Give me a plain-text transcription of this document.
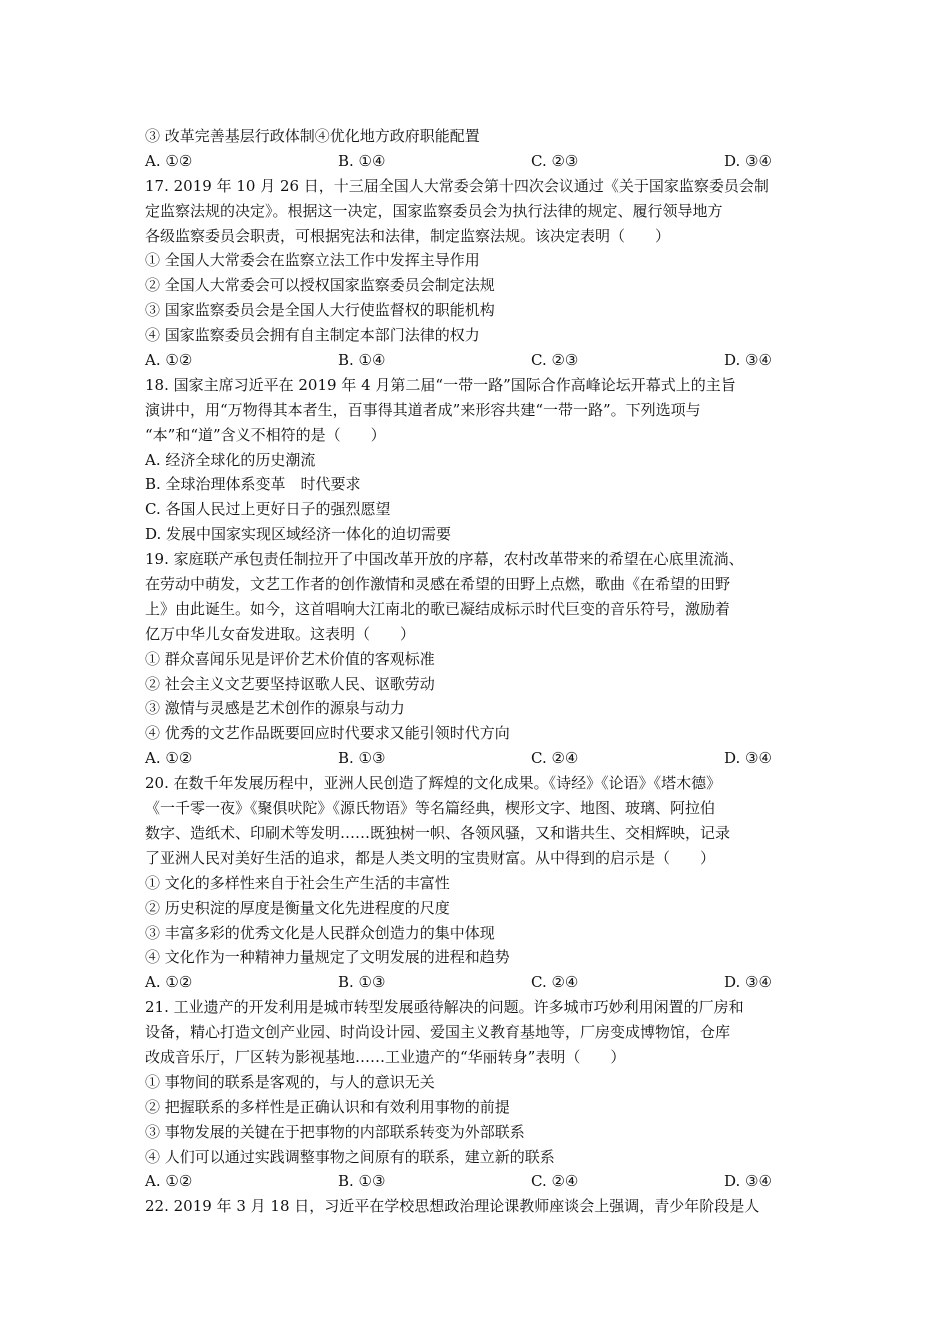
③ 改革完善基层行政体制④优化地方政府职能配置
A. ①②	B. ①④	C. ②③	D. ③④
17. 2019 年 10 月 26 日，十三届全国人大常委会第十四次会议通过《关于国家监察委员会制
定监察法规的决定》。根据这一决定，国家监察委员会为执行法律的规定、履行领导地方
各级监察委员会职责，可根据宪法和法律，制定监察法规。该决定表明（　　）
① 全国人大常委会在监察立法工作中发挥主导作用
② 全国人大常委会可以授权国家监察委员会制定法规
③ 国家监察委员会是全国人大行使监督权的职能机构
④ 国家监察委员会拥有自主制定本部门法律的权力
A. ①②	B. ①④	C. ②③	D. ③④
18. 国家主席习近平在 2019 年 4 月第二届“一带一路”国际合作高峰论坛开幕式上的主旨
演讲中，用“万物得其本者生，百事得其道者成”来形容共建“一带一路”。下列选项与
“本”和“道”含义不相符的是（　　）
A. 经济全球化的历史潮流
B. 全球治理体系变革　时代要求
C. 各国人民过上更好日子的强烈愿望
D. 发展中国家实现区域经济一体化的迫切需要
19. 家庭联产承包责任制拉开了中国改革开放的序幕，农村改革带来的希望在心底里流淌、
在劳动中萌发，文艺工作者的创作激情和灵感在希望的田野上点燃，歌曲《在希望的田野
上》由此诞生。如今，这首唱响大江南北的歌已凝结成标示时代巨变的音乐符号，激励着
亿万中华儿女奋发进取。这表明（　　）
① 群众喜闻乐见是评价艺术价值的客观标准
② 社会主义文艺要坚持讴歌人民、讴歌劳动
③ 激情与灵感是艺术创作的源泉与动力
④ 优秀的文艺作品既要回应时代要求又能引领时代方向
A. ①②	B. ①③	C. ②④	D. ③④
20. 在数千年发展历程中，亚洲人民创造了辉煌的文化成果。《诗经》《论语》《塔木德》
《一千零一夜》《聚俱吠陀》《源氏物语》等名篇经典，楔形文字、地图、玻璃、阿拉伯
数字、造纸术、印刷术等发明……既独树一帜、各领风骚，又和谐共生、交相辉映，记录
了亚洲人民对美好生活的追求，都是人类文明的宝贵财富。从中得到的启示是（　　）
① 文化的多样性来自于社会生产生活的丰富性
② 历史积淀的厚度是衡量文化先进程度的尺度
③ 丰富多彩的优秀文化是人民群众创造力的集中体现
④ 文化作为一种精神力量规定了文明发展的进程和趋势
A. ①②	B. ①③	C. ②④	D. ③④
21. 工业遗产的开发利用是城市转型发展亟待解决的问题。许多城市巧妙利用闲置的厂房和
设备，精心打造文创产业园、时尚设计园、爱国主义教育基地等，厂房变成博物馆，仓库
改成音乐厅，厂区转为影视基地……工业遗产的“华丽转身”表明（　　）
① 事物间的联系是客观的，与人的意识无关
② 把握联系的多样性是正确认识和有效利用事物的前提
③ 事物发展的关键在于把事物的内部联系转变为外部联系
④ 人们可以通过实践调整事物之间原有的联系，建立新的联系
A. ①②	B. ①③	C. ②④	D. ③④
22. 2019 年 3 月 18 日，习近平在学校思想政治理论课教师座谈会上强调，青少年阶段是人
